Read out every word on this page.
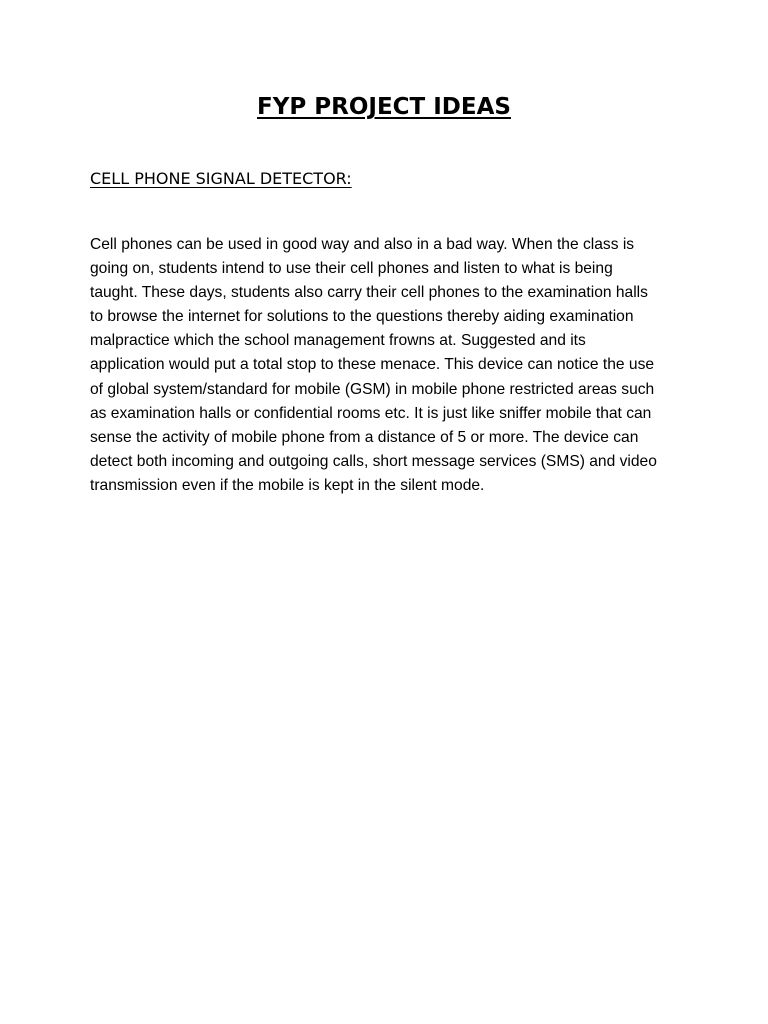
FYP PROJECT IDEAS
CELL PHONE SIGNAL DETECTOR:

Cell phones can be used in good way and also in a bad way. When the class is
going on, students intend to use their cell phones and listen to what is being
taught. These days, students also carry their cell phones to the examination halls
to browse the internet for solutions to the questions thereby aiding examination
malpractice which the school management frowns at. Suggested and its
application would put a total stop to these menace. This device can notice the use
of global system/standard for mobile (GSM) in mobile phone restricted areas such
as examination halls or confidential rooms etc. It is just like sniffer mobile that can
sense the activity of mobile phone from a distance of 5 or more. The device can
detect both incoming and outgoing calls, short message services (SMS) and video
transmission even if the mobile is kept in the silent mode.
